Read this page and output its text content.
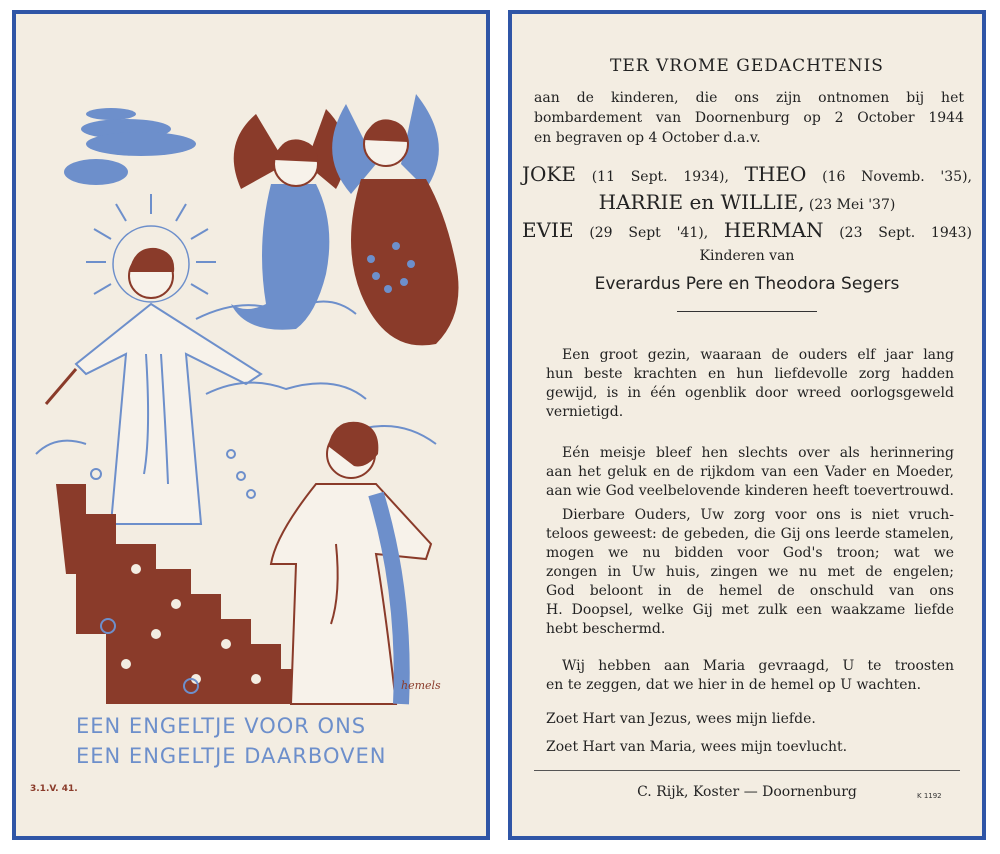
hemels
EEN ENGELTJE VOOR ONS
EEN ENGELTJE DAARBOVEN
3.1.V. 41.
TER VROME GEDACHTENIS
aan de kinderen, die ons zijn ontnomen bij het
bombardement van Doornenburg op 2 October 1944
en begraven op 4 October d.a.v.
JOKE (11 Sept. 1934), THEO (16 Novemb. '35),
HARRIE en WILLIE, (23 Mei '37)
EVIE (29 Sept '41), HERMAN (23 Sept. 1943)
Kinderen van
Everardus Pere en Theodora Segers
Een groot gezin, waaraan de ouders elf jaar lang
hun beste krachten en hun liefdevolle zorg hadden
gewijd, is in één ogenblik door wreed oorlogsgeweld
vernietigd.
Eén meisje bleef hen slechts over als herinnering
aan het geluk en de rijkdom van een Vader en Moeder,
aan wie God veelbelovende kinderen heeft toevertrouwd.
Dierbare Ouders, Uw zorg voor ons is niet vruch-
teloos geweest: de gebeden, die Gij ons leerde stamelen,
mogen we nu bidden voor God's troon; wat we
zongen in Uw huis, zingen we nu met de engelen;
God beloont in de hemel de onschuld van ons
H. Doopsel, welke Gij met zulk een waakzame liefde
hebt beschermd.
Wij hebben aan Maria gevraagd, U te troosten
en te zeggen, dat we hier in de hemel op U wachten.
Zoet Hart van Jezus, wees mijn liefde.
Zoet Hart van Maria, wees mijn toevlucht.
C. Rijk, Koster — Doornenburg	K 1192
